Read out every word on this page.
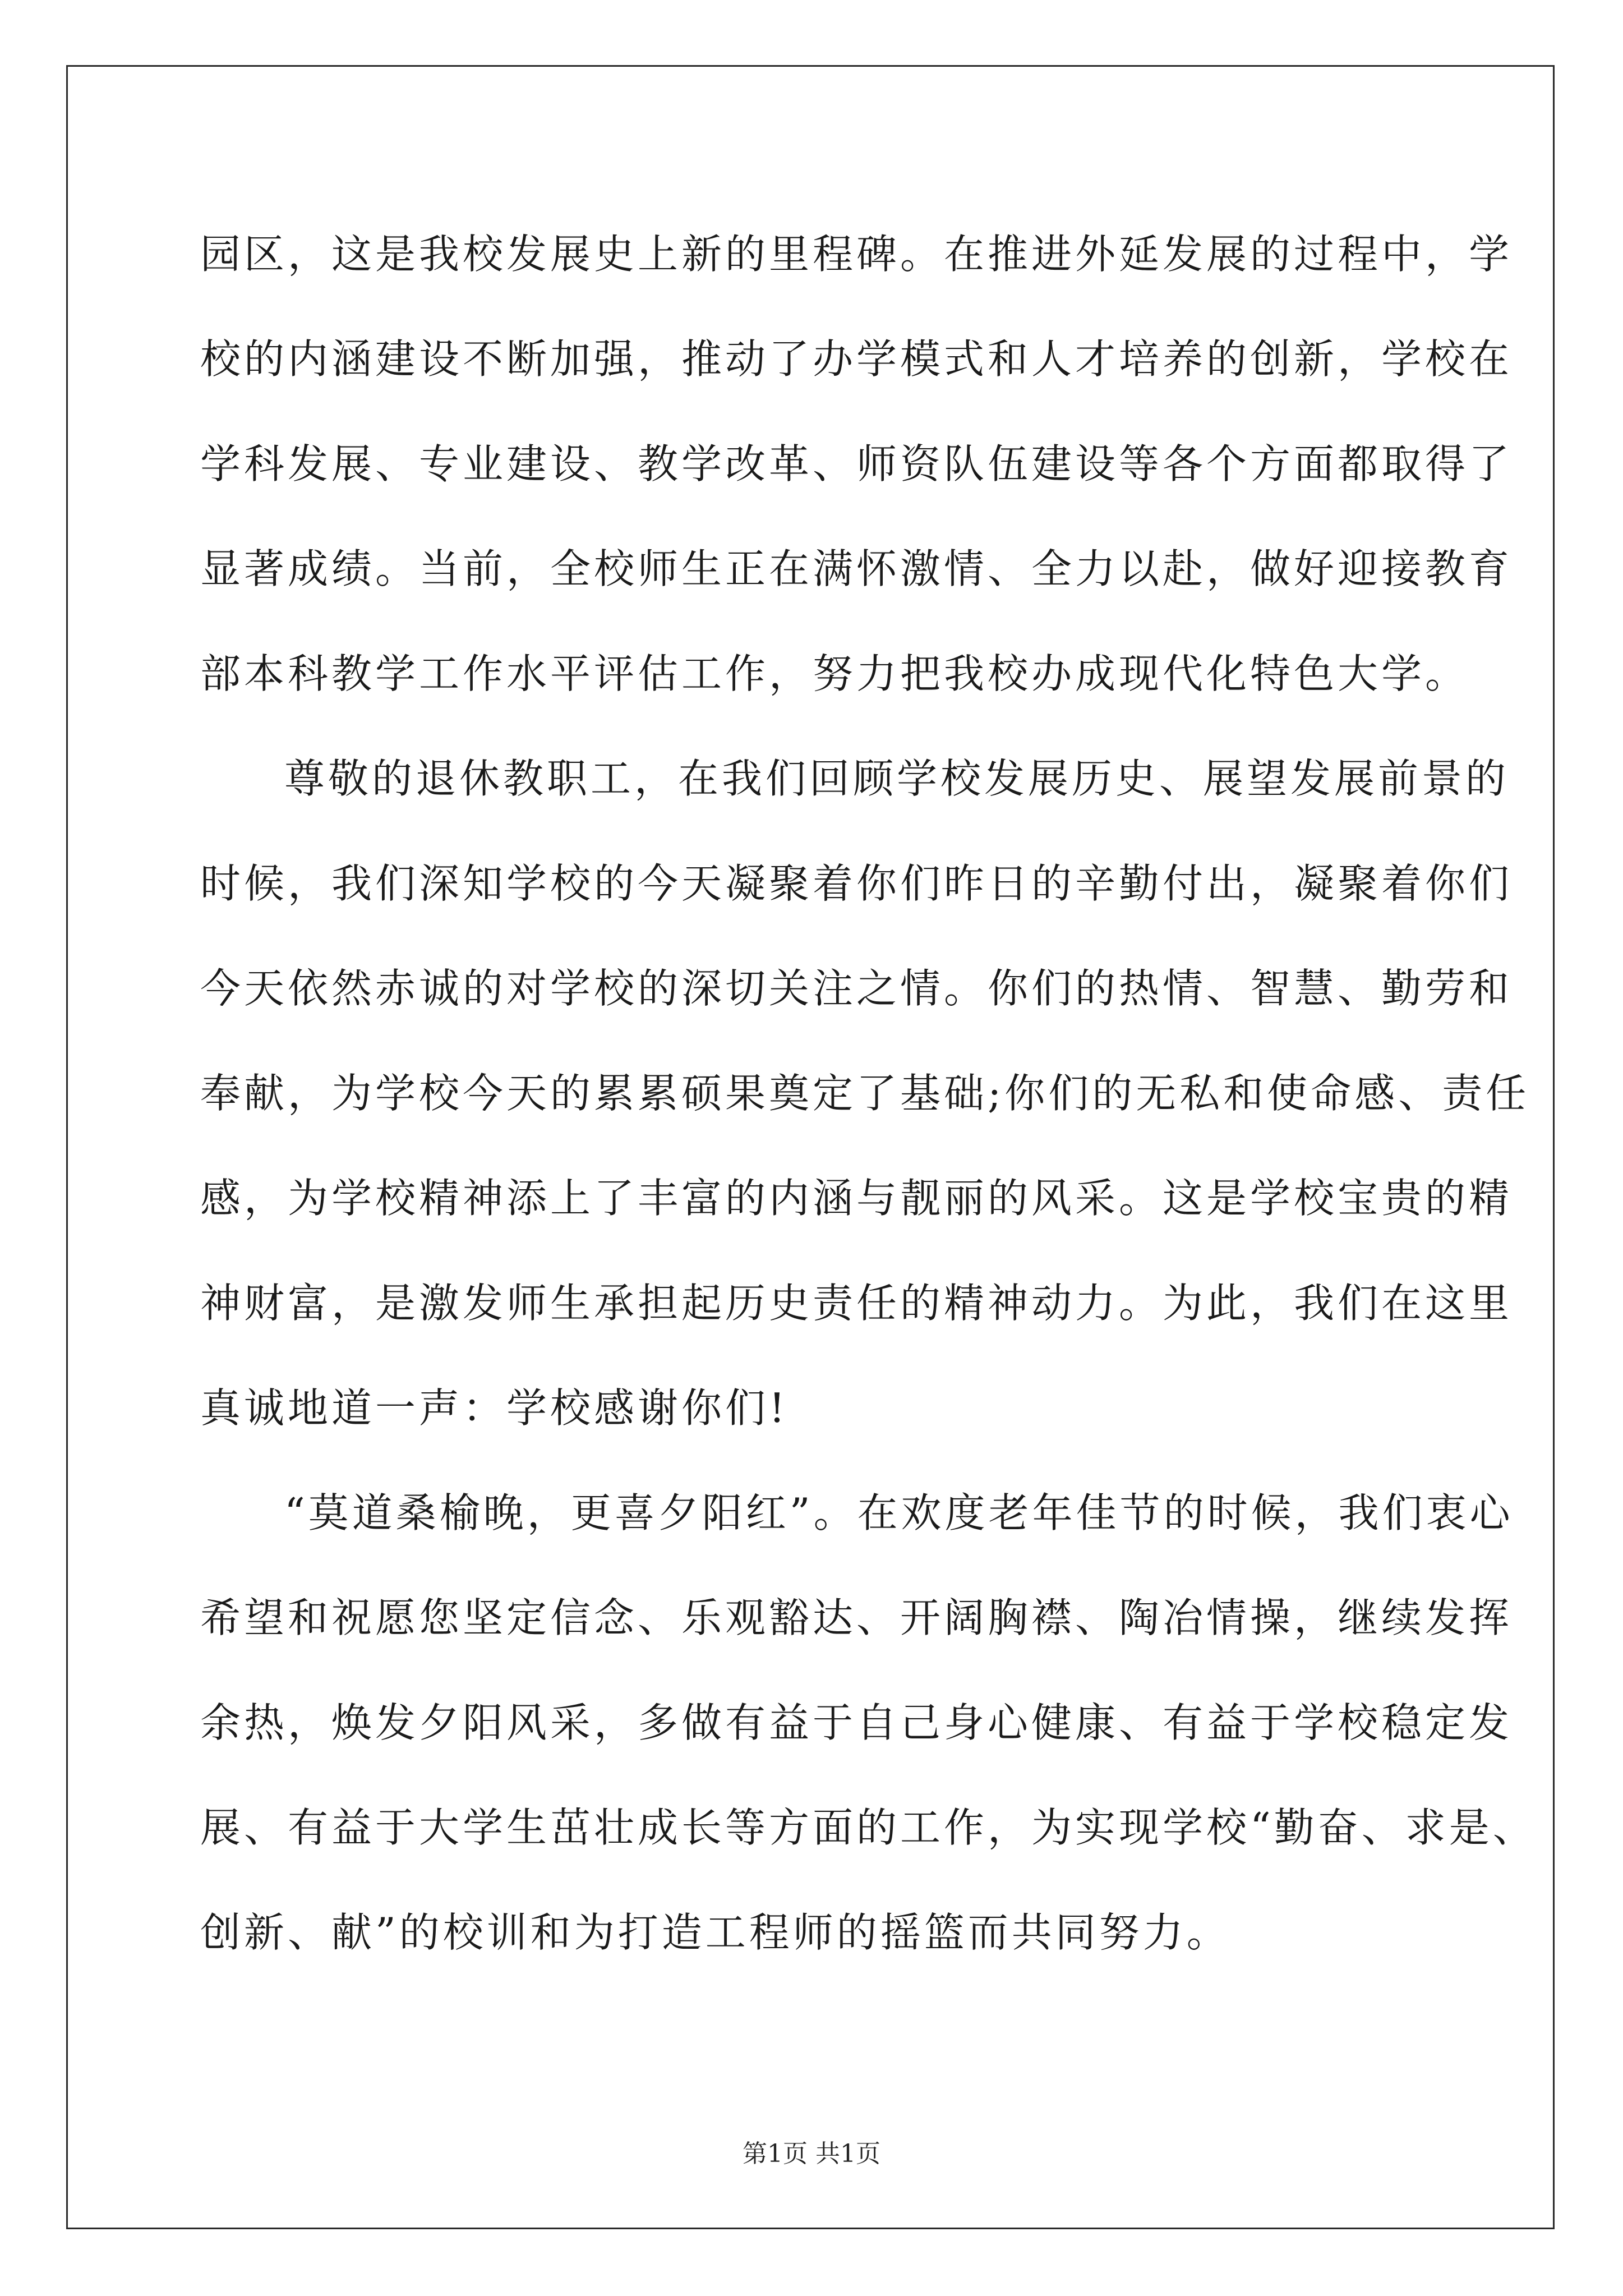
园区，这是我校发展史上新的里程碑。在推进外延发展的过程中，学
校的内涵建设不断加强，推动了办学模式和人才培养的创新，学校在
学科发展、专业建设、教学改革、师资队伍建设等各个方面都取得了
显著成绩。当前，全校师生正在满怀激情、全力以赴，做好迎接教育
部本科教学工作水平评估工作，努力把我校办成现代化特色大学。
尊敬的退休教职工，在我们回顾学校发展历史、展望发展前景的
时候，我们深知学校的今天凝聚着你们昨日的辛勤付出，凝聚着你们
今天依然赤诚的对学校的深切关注之情。你们的热情、智慧、勤劳和
奉献，为学校今天的累累硕果奠定了基础;你们的无私和使命感、责任
感，为学校精神添上了丰富的内涵与靓丽的风采。这是学校宝贵的精
神财富，是激发师生承担起历史责任的精神动力。为此，我们在这里
真诚地道一声：学校感谢你们!
“莫道桑榆晚，更喜夕阳红”。在欢度老年佳节的时候，我们衷心
希望和祝愿您坚定信念、乐观豁达、开阔胸襟、陶冶情操，继续发挥
余热，焕发夕阳风采，多做有益于自己身心健康、有益于学校稳定发
展、有益于大学生茁壮成长等方面的工作，为实现学校“勤奋、求是、
创新、献”的校训和为打造工程师的摇篮而共同努力。
第1页 共1页
